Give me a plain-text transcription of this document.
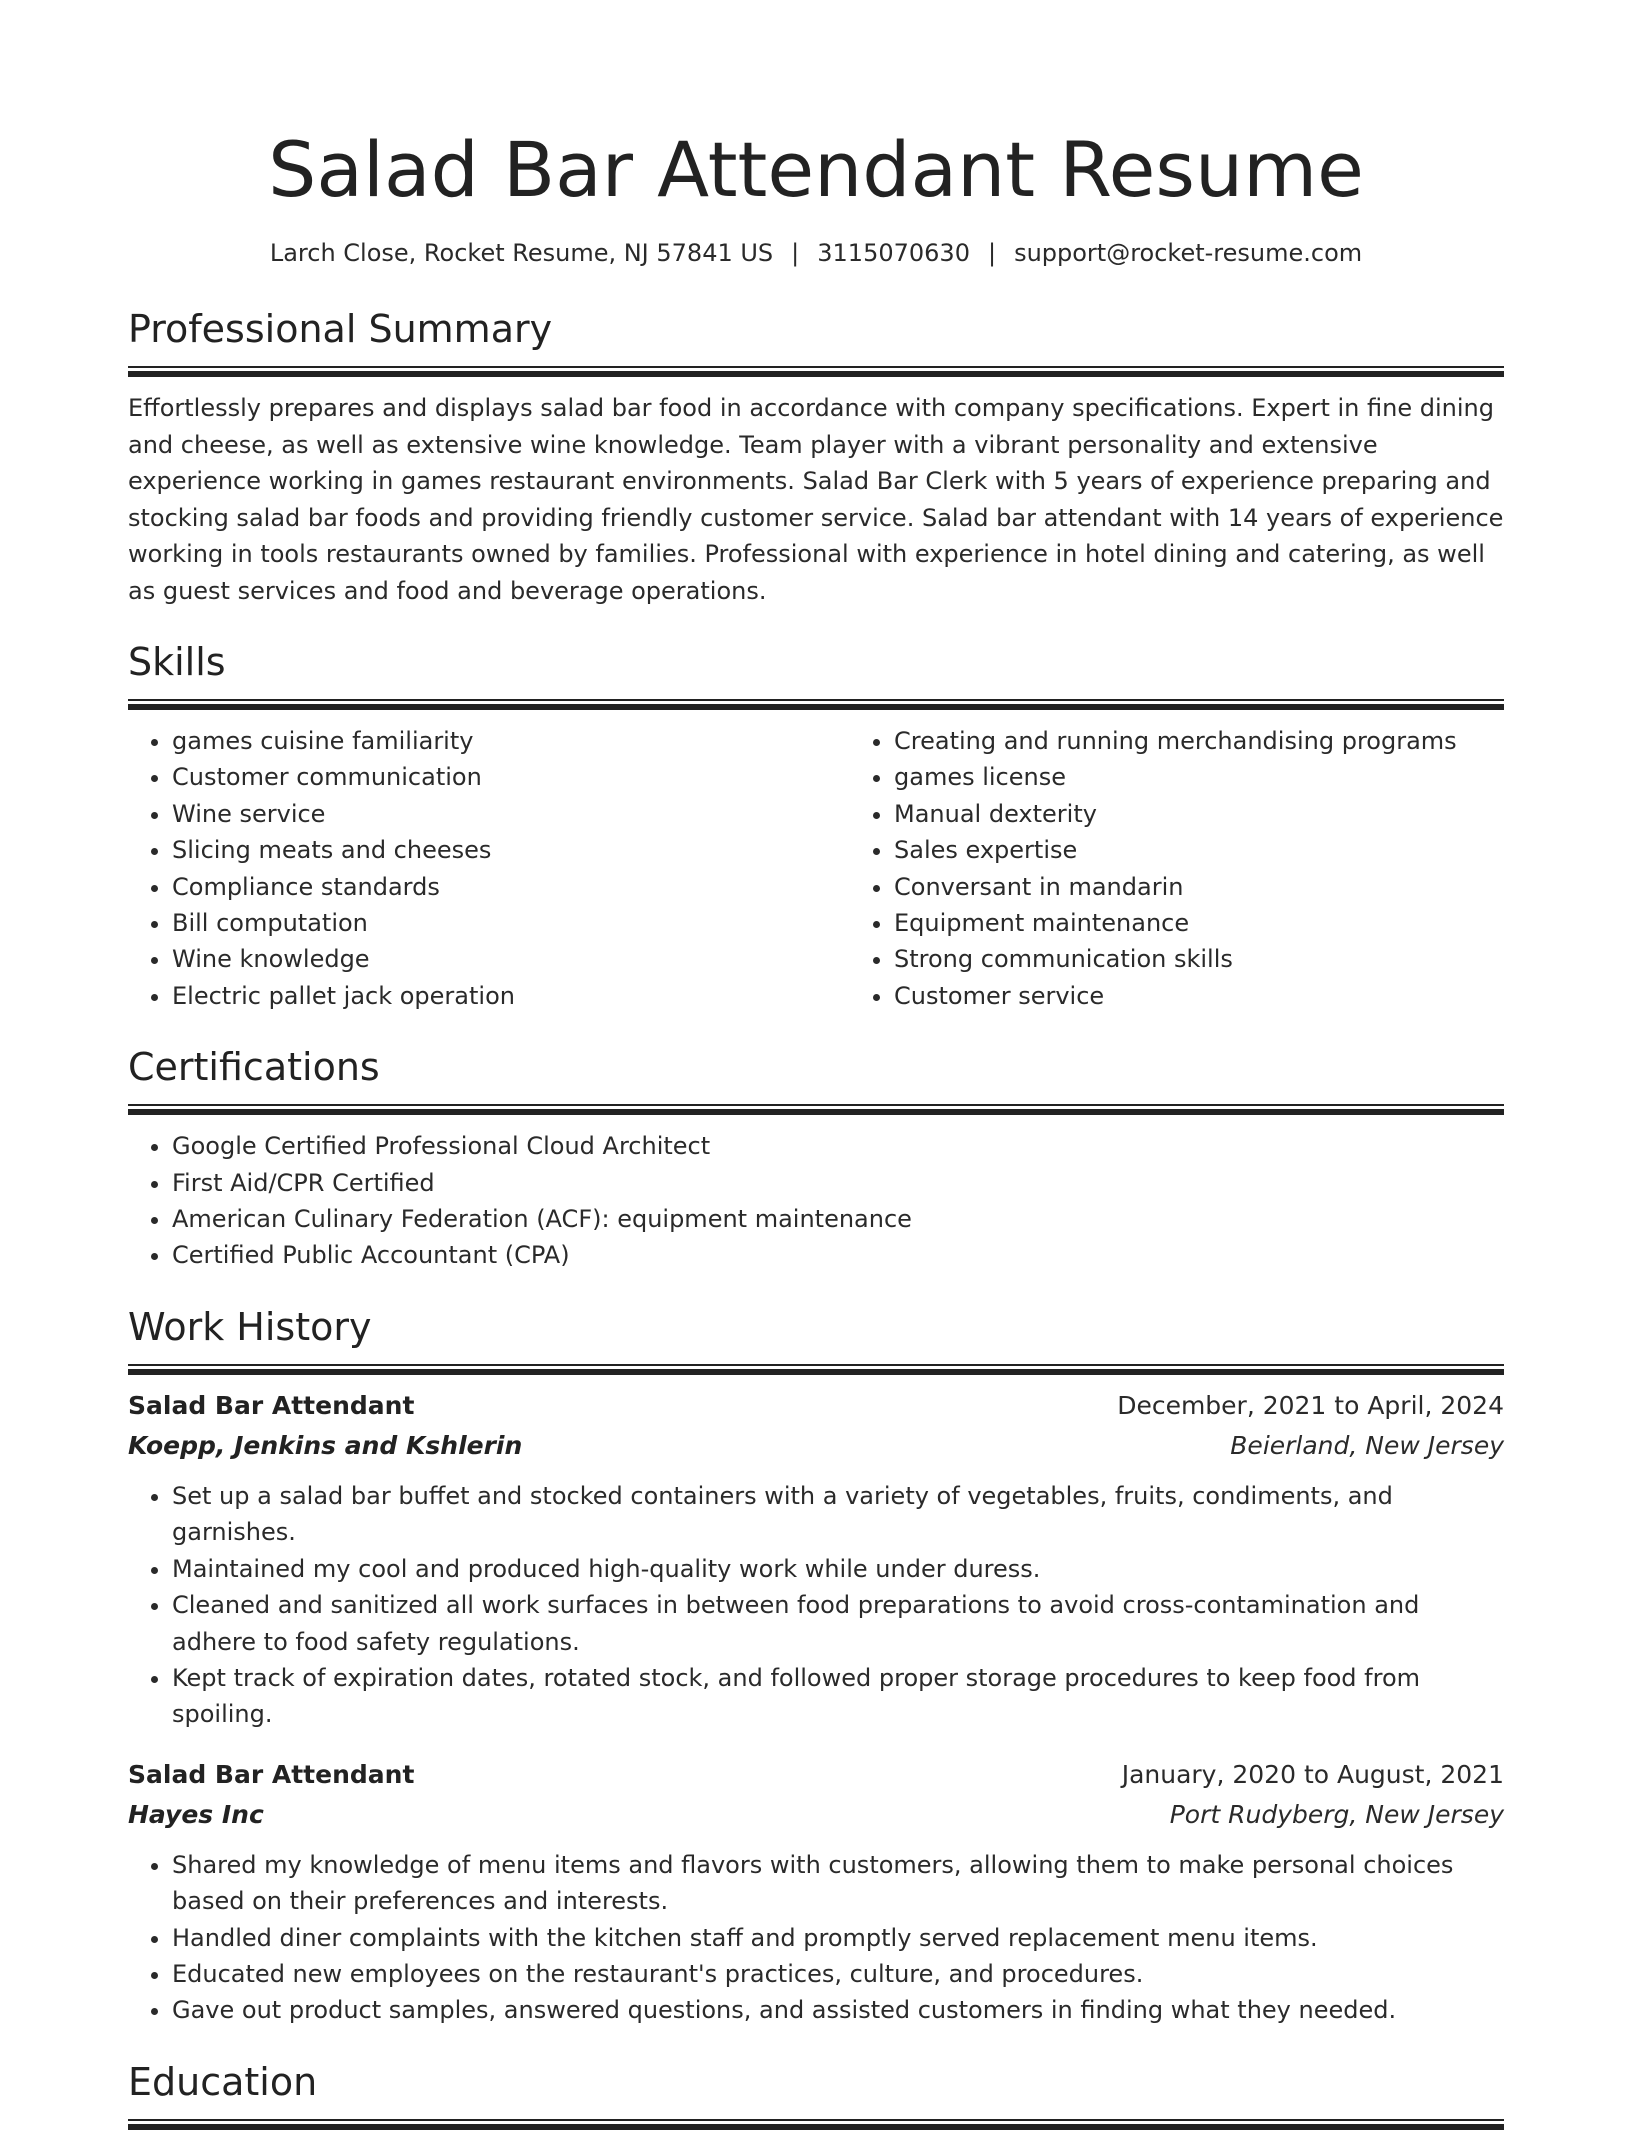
Salad Bar Attendant Resume
Larch Close, Rocket Resume, NJ 57841 US | 3115070630 | support@rocket-resume.com
Professional Summary

Effortlessly prepares and displays salad bar food in accordance with company specifications. Expert in fine dining and cheese, as well as extensive wine knowledge. Team player with a vibrant personality and extensive experience working in games restaurant environments. Salad Bar Clerk with 5 years of experience preparing and stocking salad bar foods and providing friendly customer service. Salad bar attendant with 14 years of experience working in tools restaurants owned by families. Professional with experience in hotel dining and catering, as well as guest services and food and beverage operations.

Skills
• games cuisine familiarity
• Customer communication
• Wine service
• Slicing meats and cheeses
• Compliance standards
• Bill computation
• Wine knowledge
• Electric pallet jack operation
• Creating and running merchandising programs
• games license
• Manual dexterity
• Sales expertise
• Conversant in mandarin
• Equipment maintenance
• Strong communication skills
• Customer service
Certifications
• Google Certified Professional Cloud Architect
• First Aid/CPR Certified
• American Culinary Federation (ACF): equipment maintenance
• Certified Public Accountant (CPA)
Work History
Salad Bar Attendant	December, 2021 to April, 2024
Koepp, Jenkins and Kshlerin	Beierland, New Jersey
• Set up a salad bar buffet and stocked containers with a variety of vegetables, fruits, condiments, and garnishes.
• Maintained my cool and produced high-quality work while under duress.
• Cleaned and sanitized all work surfaces in between food preparations to avoid cross-contamination and adhere to food safety regulations.
• Kept track of expiration dates, rotated stock, and followed proper storage procedures to keep food from spoiling.
Salad Bar Attendant	January, 2020 to August, 2021
Hayes Inc	Port Rudyberg, New Jersey
• Shared my knowledge of menu items and flavors with customers, allowing them to make personal choices based on their preferences and interests.
• Handled diner complaints with the kitchen staff and promptly served replacement menu items.
• Educated new employees on the restaurant's practices, culture, and procedures.
• Gave out product samples, answered questions, and assisted customers in finding what they needed.
Education
